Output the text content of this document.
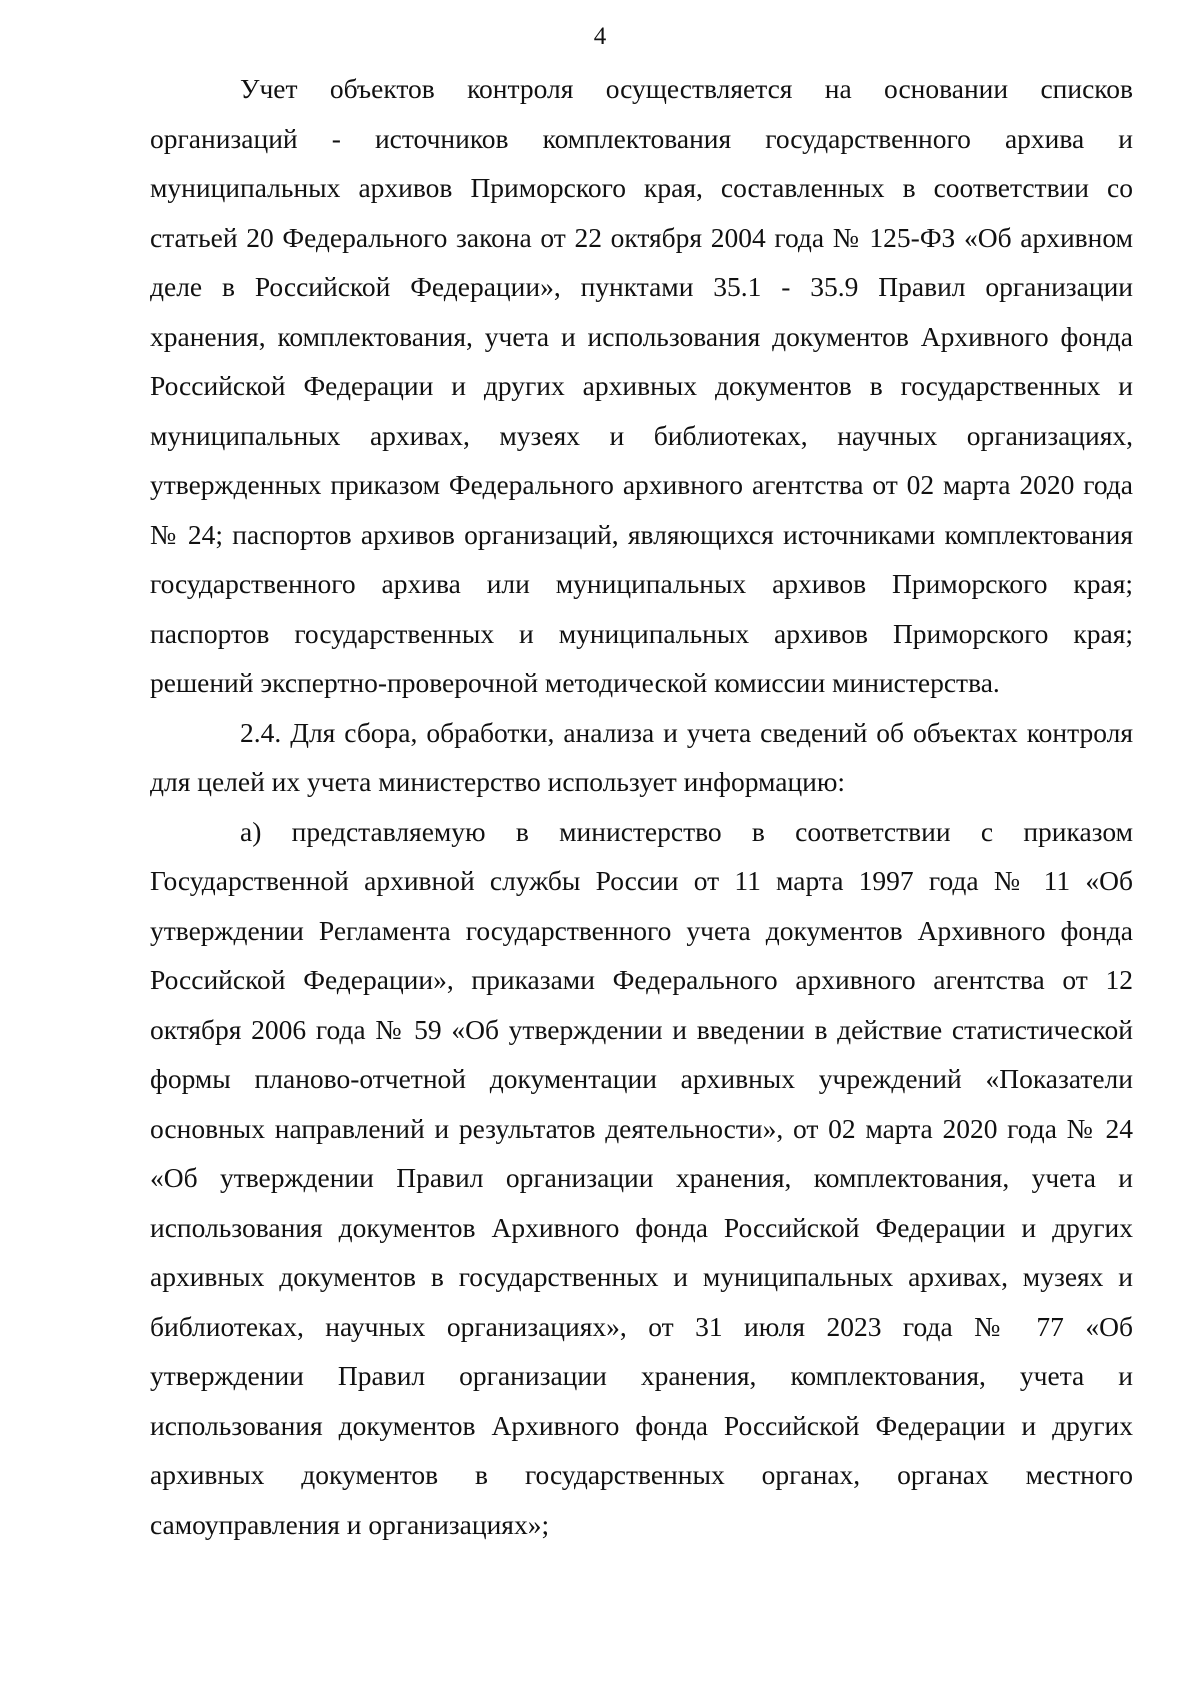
4

Учет объектов контроля осуществляется на основании списков организаций - источников комплектования государственного архива и муниципальных архивов Приморского края, составленных в соответствии со статьей 20 Федерального закона от 22 октября 2004 года № 125-ФЗ «Об архивном деле в Российской Федерации», пунктами 35.1 - 35.9 Правил организации хранения, комплектования, учета и использования документов Архивного фонда Российской Федерации и других архивных документов в государственных и муниципальных архивах, музеях и библиотеках, научных организациях, утвержденных приказом Федерального архивного агентства от 02 марта 2020 года № 24; паспортов архивов организаций, являющихся источниками комплектования государственного архива или муниципальных архивов Приморского края; паспортов государственных и муниципальных архивов Приморского края; решений экспертно-проверочной методической комиссии министерства.

2.4. Для сбора, обработки, анализа и учета сведений об объектах контроля для целей их учета министерство использует информацию:

а) представляемую в министерство в соответствии с приказом Государственной архивной службы России от 11 марта 1997 года № 11 «Об утверждении Регламента государственного учета документов Архивного фонда Российской Федерации», приказами Федерального архивного агентства от 12 октября 2006 года № 59 «Об утверждении и введении в действие статистической формы планово-отчетной документации архивных учреждений «Показатели основных направлений и результатов деятельности», от 02 марта 2020 года № 24 «Об утверждении Правил организации хранения, комплектования, учета и использования документов Архивного фонда Российской Федерации и других архивных документов в государственных и муниципальных архивах, музеях и библиотеках, научных организациях», от 31 июля 2023 года № 77 «Об утверждении Правил организации хранения, комплектования, учета и использования документов Архивного фонда Российской Федерации и других архивных документов в государственных органах, органах местного самоуправления и организациях»;
